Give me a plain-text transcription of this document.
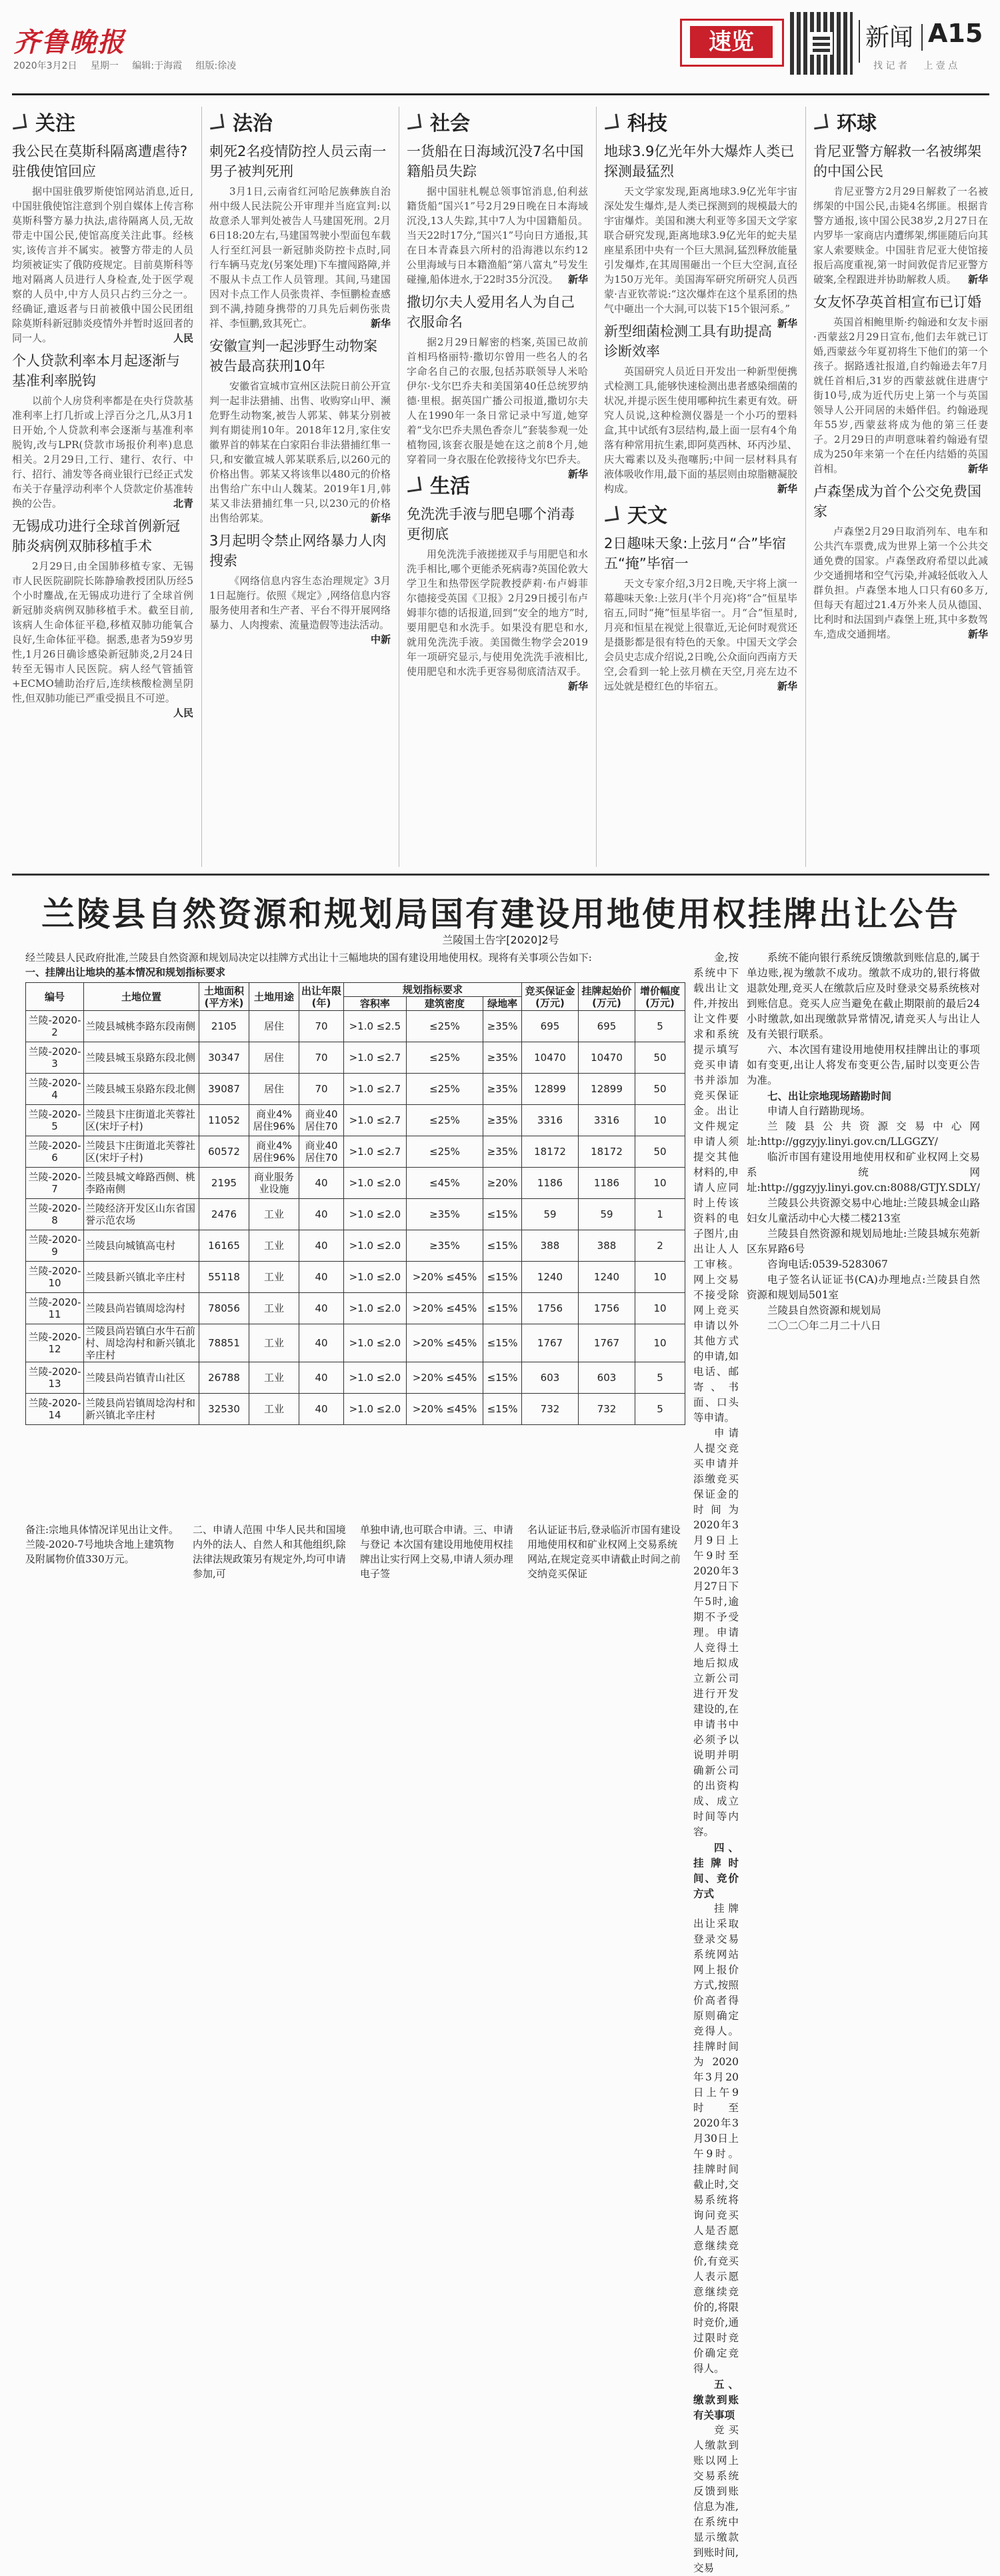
齐鲁晚报
2020年3月2日 星期一 编辑:于海霞 组版:徐凌
速览	新闻 A15
找 记 者 上 壹 点
关注
我公民在莫斯科隔离遭虐待?驻俄使馆回应

据中国驻俄罗斯使馆网站消息,近日,中国驻俄使馆注意到个别自媒体上传言称莫斯科警方暴力执法,虐待隔离人员,无故带走中国公民,使馆高度关注此事。经核实,该传言并不属实。被警方带走的人员均须被证实了俄防疫规定。目前莫斯科等地对隔离人员进行人身检查,处于医学观察的人员中,中方人员只占约三分之一。经确证,遣返者与日前被俄中国公民团组除莫斯科新冠肺炎疫情外并暂时返回者的同一人。	人民

个人贷款利率本月起逐渐与基准利率脱钩

以前个人房贷利率都是在央行贷款基准利率上打几折或上浮百分之几,从3月1日开始,个人贷款利率会逐渐与基准利率脱钩,改与LPR(贷款市场报价利率)息息相关。2月29日,工行、建行、农行、中行、招行、浦发等各商业银行已经正式发布关于存量浮动利率个人贷款定价基准转换的公告。	北青

无锡成功进行全球首例新冠肺炎病例双肺移植手术

2月29日,由全国肺移植专家、无锡市人民医院副院长陈静瑜教授团队历经5个小时鏖战,在无锡成功进行了全球首例新冠肺炎病例双肺移植手术。截至目前,该病人生命体征平稳,移植双肺功能氧合良好,生命体征平稳。据悉,患者为59岁男性,1月26日确诊感染新冠肺炎,2月24日转至无锡市人民医院。病人经气管插管+ECMO辅助治疗后,连续核酸检测呈阴性,但双肺功能已严重受损且不可逆。
人民

法治
刺死2名疫情防控人员云南一男子被判死刑

3月1日,云南省红河哈尼族彝族自治州中级人民法院公开审理并当庭宣判:以故意杀人罪判处被告人马建国死刑。2月6日18:20左右,马建国驾驶小型面包车载人行至红河县一新冠肺炎防控卡点时,同行车辆马克龙(另案处理)下车擅闯路障,并不服从卡点工作人员管理。其间,马建国因对卡点工作人员张贵祥、李恒鹏检查感到不满,持随身携带的刀具先后刺伤张贵祥、李恒鹏,致其死亡。	新华

安徽宣判一起涉野生动物案被告最高获刑10年

安徽省宣城市宣州区法院日前公开宣判一起非法猎捕、出售、收购穿山甲、濒危野生动物案,被告人郭某、韩某分别被判有期徒刑10年。2018年12月,家住安徽界首的韩某在白家阳台非法猎捕红隼一只,和安徽宣城人郭某联系后,以260元的价格出售。郭某又将该隼以480元的价格出售给广东中山人魏某。2019年1月,韩某又非法猎捕红隼一只,以230元的价格出售给郭某。	新华

3月起明令禁止网络暴力人肉搜索

《网络信息内容生态治理规定》3月1日起施行。依照《规定》,网络信息内容服务使用者和生产者、平台不得开展网络暴力、人肉搜索、流量造假等违法活动。
中新

社会
一货船在日海域沉没7名中国籍船员失踪

据中国驻札幌总领事馆消息,伯利兹籍货船“国兴1”号2月29日晚在日本海域沉没,13人失踪,其中7人为中国籍船员。当天22时17分,“国兴1”号向日方通报,其在日本青森县六所村的沿海港以东约12公里海域与日本籍渔船“第八富丸”号发生碰撞,船体进水,于22时35分沉没。 新华

撒切尔夫人爱用名人为自己衣服命名

据2月29日解密的档案,英国已故前首相玛格丽特·撒切尔曾用一些名人的名字命名自己的衣服,包括苏联领导人米哈伊尔·戈尔巴乔夫和美国第40任总统罗纳德·里根。据英国广播公司报道,撒切尔夫人在1990年一条日常记录中写道,她穿着“戈尔巴乔夫黑色香奈儿”套装参观一处植物园,该套衣服是她在这之前8个月,她穿着同一身衣服在伦敦接待戈尔巴乔夫。
新华

生活
免洗洗手液与肥皂哪个消毒更彻底

用免洗洗手液搓搓双手与用肥皂和水洗手相比,哪个更能杀死病毒?英国伦敦大学卫生和热带医学院教授萨莉·布卢姆菲尔德接受英国《卫报》2月29日援引布卢姆菲尔德的话报道,回到“安全的地方”时,要用肥皂和水洗手。如果没有肥皂和水,就用免洗洗手液。美国微生物学会2019年一项研究显示,与使用免洗洗手液相比,使用肥皂和水洗手更容易彻底清洁双手。
新华

科技
地球3.9亿光年外大爆炸人类已探测最猛烈

天文学家发现,距离地球3.9亿光年宇宙深处发生爆炸,是人类已探测到的规模最大的宇宙爆炸。美国和澳大利亚等多国天文学家联合研究发现,距离地球3.9亿光年的蛇夫星座星系团中央有一个巨大黑洞,猛烈释放能量引发爆炸,在其周围砸出一个巨大空洞,直径为150万光年。美国海军研究所研究人员西蒙·吉亚钦蒂说:“这次爆炸在这个星系团的热气中砸出一个大洞,可以装下15个银河系。”
新华

新型细菌检测工具有助提高诊断效率

英国研究人员近日开发出一种新型便携式检测工具,能够快速检测出患者感染细菌的状况,并提示医生使用哪种抗生素更有效。研究人员说,这种检测仪器是一个小巧的塑料盒,其中试纸有3层结构,最上面一层有4个角落有种常用抗生素,即阿莫西林、环丙沙星、庆大霉素以及头孢噻肟;中间一层材料具有液体吸收作用,最下面的基层则由琼脂糖凝胶构成。	新华

天文
2日趣味天象:上弦月“合”毕宿五“掩”毕宿一

天文专家介绍,3月2日晚,天宇将上演一幕趣味天象:上弦月(半个月亮)将“合”恒星毕宿五,同时“掩”恒星毕宿一。月“合”恒星时,月亮和恒星在视觉上很靠近,无论何时观赏还是摄影都是很有特色的天象。中国天文学会会员史志成介绍说,2日晚,公众面向西南方天空,会看到一轮上弦月横在天空,月亮左边不远处就是橙红色的毕宿五。	新华

环球
肯尼亚警方解救一名被绑架的中国公民

肯尼亚警方2月29日解救了一名被绑架的中国公民,击毙4名绑匪。根据肯警方通报,该中国公民38岁,2月27日在内罗毕一家商店内遭绑架,绑匪随后向其家人索要赎金。中国驻肯尼亚大使馆接报后高度重视,第一时间敦促肯尼亚警方破案,全程跟进并协助解救人质。 新华

女友怀孕英首相宣布已订婚

英国首相鲍里斯·约翰逊和女友卡丽·西蒙兹2月29日宣布,他们去年就已订婚,西蒙兹今年夏初将生下他们的第一个孩子。据路透社报道,自约翰逊去年7月就任首相后,31岁的西蒙兹就住进唐宁街10号,成为近代历史上第一个与英国领导人公开同居的未婚伴侣。约翰逊现年55岁,西蒙兹将成为他的第三任妻子。2月29日的声明意味着约翰逊有望成为250年来第一个在任内结婚的英国首相。	新华

卢森堡成为首个公交免费国家

卢森堡2月29日取消列车、电车和公共汽车票费,成为世界上第一个公共交通免费的国家。卢森堡政府希望以此减少交通拥堵和空气污染,并减轻低收入人群负担。卢森堡本地人口只有60多万,但每天有超过21.4万外来人员从德国、比利时和法国到卢森堡上班,其中多数驾车,造成交通拥堵。	新华

兰陵县自然资源和规划局国有建设用地使用权挂牌出让公告
兰陵国土告字[2020]2号
经兰陵县人民政府批准,兰陵县自然资源和规划局决定以挂牌方式出让十三幅地块的国有建设用地使用权。现将有关事项公告如下:
一、挂牌出让地块的基本情况和规划指标要求
编号	土地位置	土地面积(平方米)	土地用途	出让年限(年)	规划指标要求			竞买保证金(万元)	挂牌起始价(万元)	增价幅度(万元)
					容积率	建筑密度	绿地率			
兰陵-2020-2	兰陵县城桃李路东段南侧	2105	居住	70	>1.0 ≤2.5	≤25%	≥35%	695	695	5
兰陵-2020-3	兰陵县城玉泉路东段北侧	30347	居住	70	>1.0 ≤2.7	≤25%	≥35%	10470	10470	50
兰陵-2020-4	兰陵县城玉泉路东段北侧	39087	居住	70	>1.0 ≤2.7	≤25%	≥35%	12899	12899	50
兰陵-2020-5	兰陵县卞庄街道北芙蓉社区(宋圩子村)	11052	商业4% 居住96%	商业40 居住70	>1.0 ≤2.7	≤25%	≥35%	3316	3316	10
兰陵-2020-6	兰陵县卞庄街道北芙蓉社区(宋圩子村)	60572	商业4% 居住96%	商业40 居住70	>1.0 ≤2.7	≤25%	≥35%	18172	18172	50
兰陵-2020-7	兰陵县城文峰路西侧、桃李路南侧	2195	商业服务业设施	40	>1.0 ≤2.0	≤45%	≥20%	1186	1186	10
兰陵-2020-8	兰陵经济开发区山东省国誉示范农场	2476	工业	40	>1.0 ≤2.0	≥35%	≤15%	59	59	1
兰陵-2020-9	兰陵县向城镇高屯村	16165	工业	40	>1.0 ≤2.0	≥35%	≤15%	388	388	2
兰陵-2020-10	兰陵县新兴镇北辛庄村	55118	工业	40	>1.0 ≤2.0	>20% ≤45%	≤15%	1240	1240	10
兰陵-2020-11	兰陵县尚岩镇周埝沟村	78056	工业	40	>1.0 ≤2.0	>20% ≤45%	≤15%	1756	1756	10
兰陵-2020-12	兰陵县尚岩镇白水牛石前村、周埝沟村和新兴镇北辛庄村	78851	工业	40	>1.0 ≤2.0	>20% ≤45%	≤15%	1767	1767	10
兰陵-2020-13	兰陵县尚岩镇青山社区	26788	工业	40	>1.0 ≤2.0	>20% ≤45%	≤15%	603	603	5
兰陵-2020-14	兰陵县尚岩镇周埝沟村和新兴镇北辛庄村	32530	工业	40	>1.0 ≤2.0	>20% ≤45%	≤15%	732	732	5
备注:宗地具体情况详见出让文件。兰陵-2020-7号地块含地上建筑物及附属物价值330万元。
二、申请人范围 中华人民共和国境内外的法人、自然人和其他组织,除法律法规政策另有规定外,均可申请参加,可
单独申请,也可联合申请。三、申请与登记 本次国有建设用地使用权挂牌出让实行网上交易,申请人须办理电子签
名认证证书后,登录临沂市国有建设用地使用权和矿业权网上交易系统网站,在规定竞买申请截止时间之前交纳竞买保证

金,按系统中下载出让文件,并按出让文件要求和系统提示填写竞买申请书并添加竞买保证金。出让文件规定申请人须提交其他材料的,申请人应同时上传该资料的电子图片,由出让人人工审核。网上交易不接受除网上竞买申请以外其他方式的申请,如电话、邮寄、书面、口头等申请。

申请人提交竞买申请并添缴竞买保证金的时间为2020年3月9日上午9时至2020年3月27日下午5时,逾期不予受理。申请人竞得土地后拟成立新公司进行开发建设的,在申请书中必须予以说明并明确新公司的出资构成、成立时间等内容。

四、挂牌时间、竞价方式

挂牌出让采取登录交易系统网站网上报价方式,按照价高者得原则确定竞得人。挂牌时间为2020年3月20日上午9时至2020年3月30日上午9时。挂牌时间截止时,交易系统将询问竞买人是否愿意继续竞价,有竞买人表示愿意继续竞价的,将限时竞价,通过限时竞价确定竞得人。

五、缴款到账有关事项

竞买人缴款到账以网上交易系统反馈到账信息为准,在系统中显示缴款到账时间,交易

系统不能向银行系统反馈缴款到账信息的,属于单边账,视为缴款不成功。缴款不成功的,银行将做退款处理,竞买人在缴款后应及时登录交易系统核对到账信息。竞买人应当避免在截止期限前的最后24小时缴款,如出现缴款异常情况,请竞买人与出让人及有关银行联系。

六、本次国有建设用地使用权挂牌出让的事项如有变更,出让人将发布变更公告,届时以变更公告为准。

七、出让宗地现场踏勘时间

申请人自行踏勘现场。

兰陵县公共资源交易中心网址:http://ggzyjy.linyi.gov.cn/LLGGZY/

临沂市国有建设用地使用权和矿业权网上交易系统网址:http://ggzyjy.linyi.gov.cn:8088/GTJY.SDLY/

兰陵县公共资源交易中心地址:兰陵县城金山路妇女儿童活动中心大楼二楼213室

兰陵县自然资源和规划局地址:兰陵县城东苑新区东昇路6号

咨询电话:0539-5283067

电子签名认证证书(CA)办理地点:兰陵县自然资源和规划局501室

兰陵县自然资源和规划局

二〇二〇年二月二十八日
